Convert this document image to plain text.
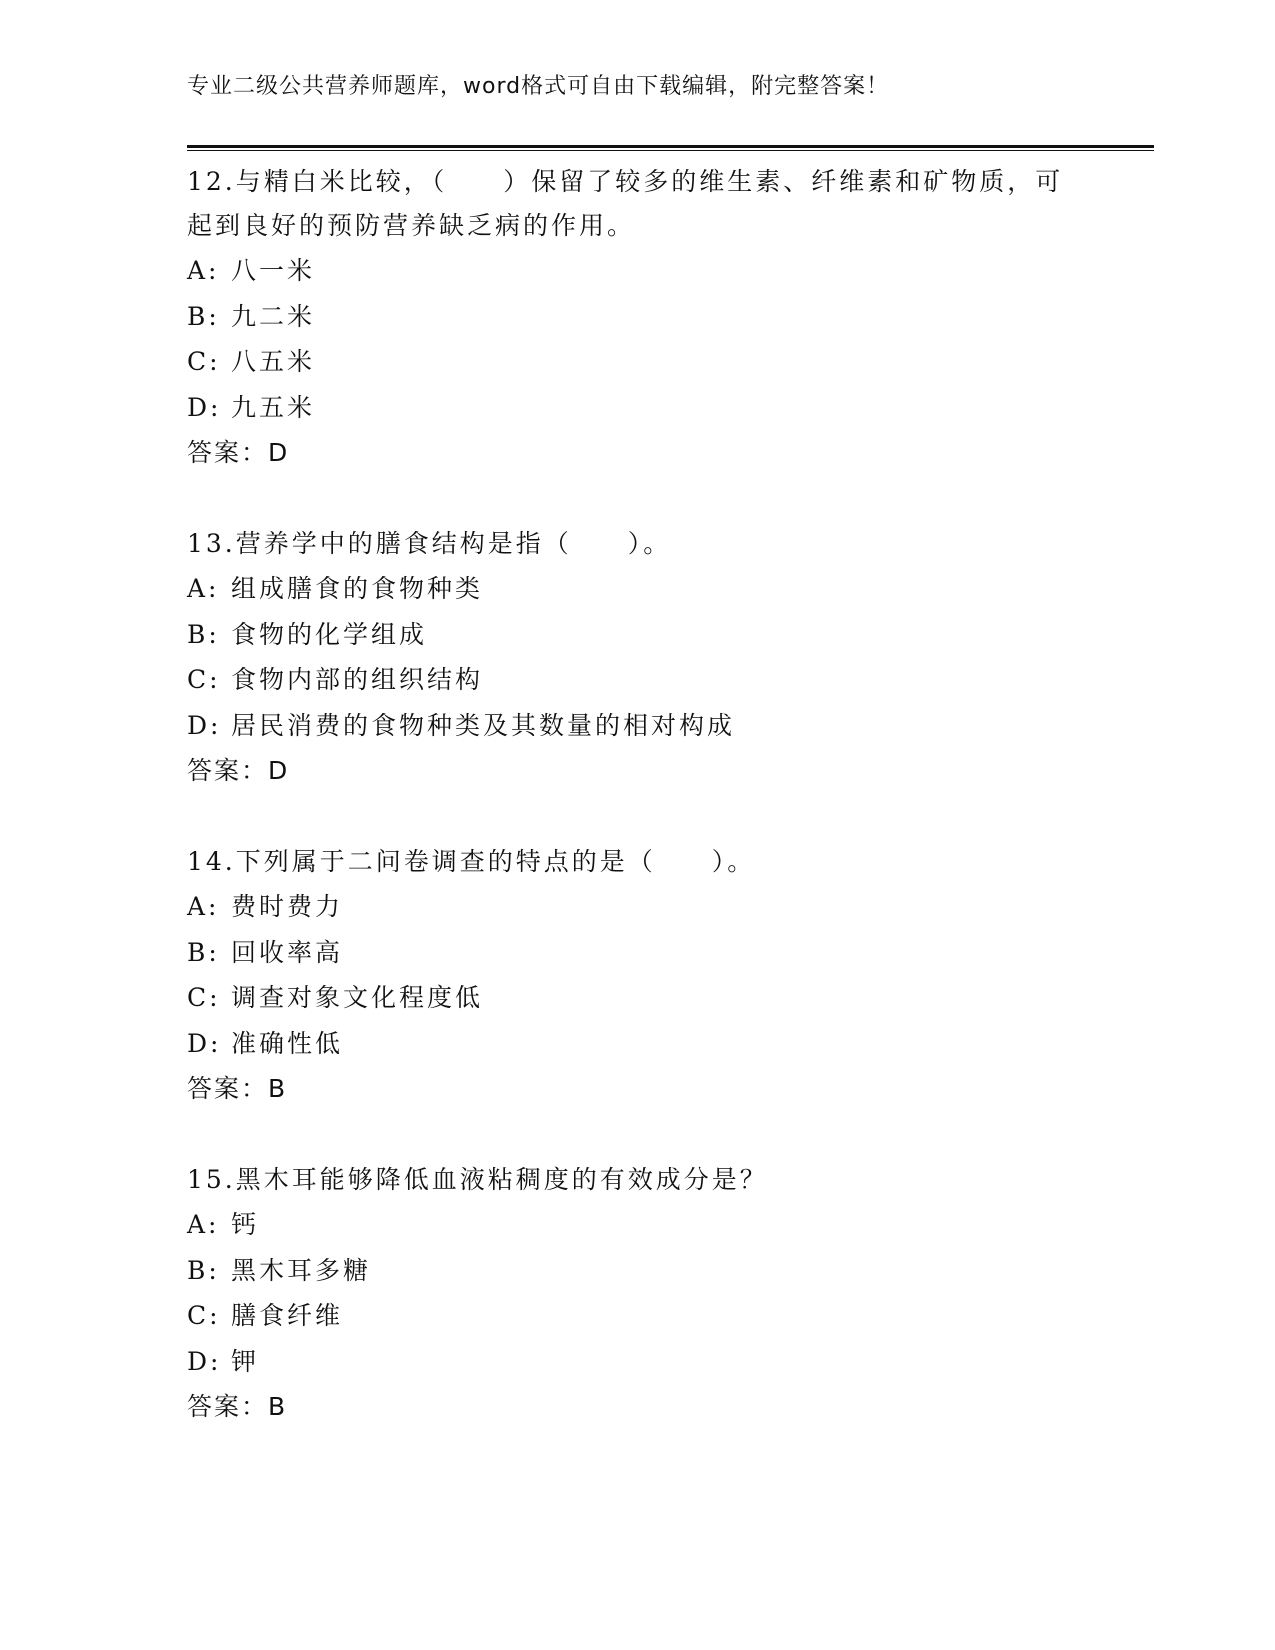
专业二级公共营养师题库，word格式可自由下载编辑，附完整答案！
12.与精白米比较，（　　）保留了较多的维生素、纤维素和矿物质，可起到良好的预防营养缺乏病的作用。
A: 八一米
B: 九二米
C: 八五米
D: 九五米
答案：D
13.营养学中的膳食结构是指（　　）。
A: 组成膳食的食物种类
B: 食物的化学组成
C: 食物内部的组织结构
D: 居民消费的食物种类及其数量的相对构成
答案：D
14.下列属于二问卷调查的特点的是（　　）。
A: 费时费力
B: 回收率高
C: 调查对象文化程度低
D: 准确性低
答案：B
15.黑木耳能够降低血液粘稠度的有效成分是？
A: 钙
B: 黑木耳多糖
C: 膳食纤维
D: 钾
答案：B
